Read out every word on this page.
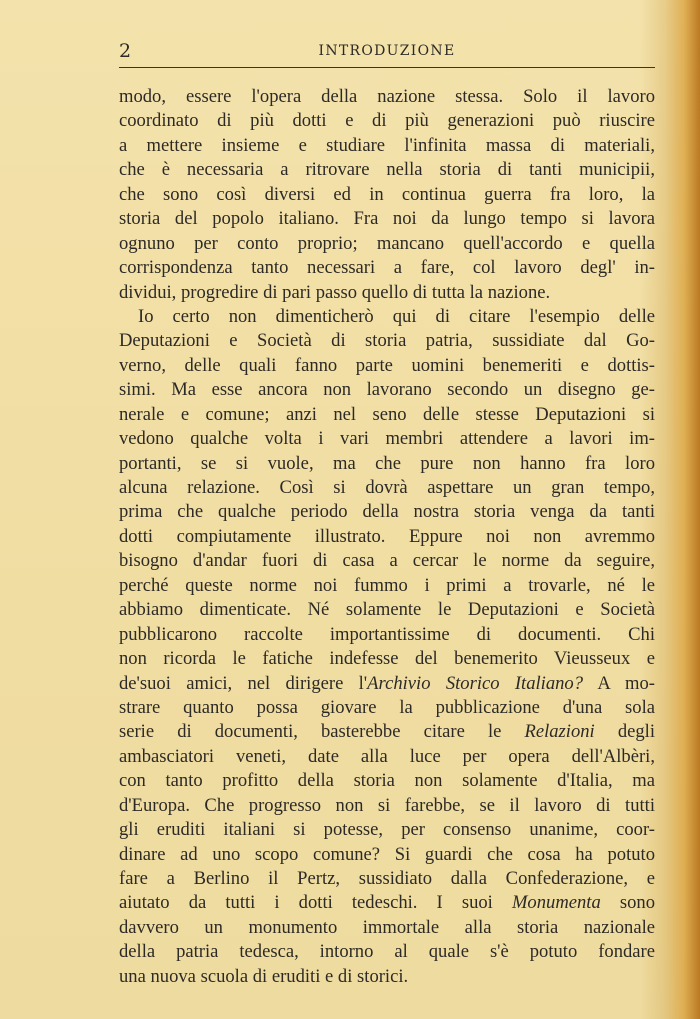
2	INTRODUZIONE
modo, essere l'opera della nazione stessa. Solo il lavoro
coordinato di più dotti e di più generazioni può riuscire
a mettere insieme e studiare l'infinita massa di materiali,
che è necessaria a ritrovare nella storia di tanti municipii,
che sono così diversi ed in continua guerra fra loro, la
storia del popolo italiano. Fra noi da lungo tempo si lavora
ognuno per conto proprio; mancano quell'accordo e quella
corrispondenza tanto necessari a fare, col lavoro degl' in-
dividui, progredire di pari passo quello di tutta la nazione.
Io certo non dimenticherò qui di citare l'esempio delle
Deputazioni e Società di storia patria, sussidiate dal Go-
verno, delle quali fanno parte uomini benemeriti e dottis-
simi. Ma esse ancora non lavorano secondo un disegno ge-
nerale e comune; anzi nel seno delle stesse Deputazioni si
vedono qualche volta i vari membri attendere a lavori im-
portanti, se si vuole, ma che pure non hanno fra loro
alcuna relazione. Così si dovrà aspettare un gran tempo,
prima che qualche periodo della nostra storia venga da tanti
dotti compiutamente illustrato. Eppure noi non avremmo
bisogno d'andar fuori di casa a cercar le norme da seguire,
perché queste norme noi fummo i primi a trovarle, né le
abbiamo dimenticate. Né solamente le Deputazioni e Società
pubblicarono raccolte importantissime di documenti. Chi
non ricorda le fatiche indefesse del benemerito Vieusseux e
de'suoi amici, nel dirigere l'Archivio Storico Italiano? A mo-
strare quanto possa giovare la pubblicazione d'una sola
serie di documenti, basterebbe citare le Relazioni degli
ambasciatori veneti, date alla luce per opera dell'Albèri,
con tanto profitto della storia non solamente d'Italia, ma
d'Europa. Che progresso non si farebbe, se il lavoro di tutti
gli eruditi italiani si potesse, per consenso unanime, coor-
dinare ad uno scopo comune? Si guardi che cosa ha potuto
fare a Berlino il Pertz, sussidiato dalla Confederazione, e
aiutato da tutti i dotti tedeschi. I suoi Monumenta sono
davvero un monumento immortale alla storia nazionale
della patria tedesca, intorno al quale s'è potuto fondare
una nuova scuola di eruditi e di storici.
